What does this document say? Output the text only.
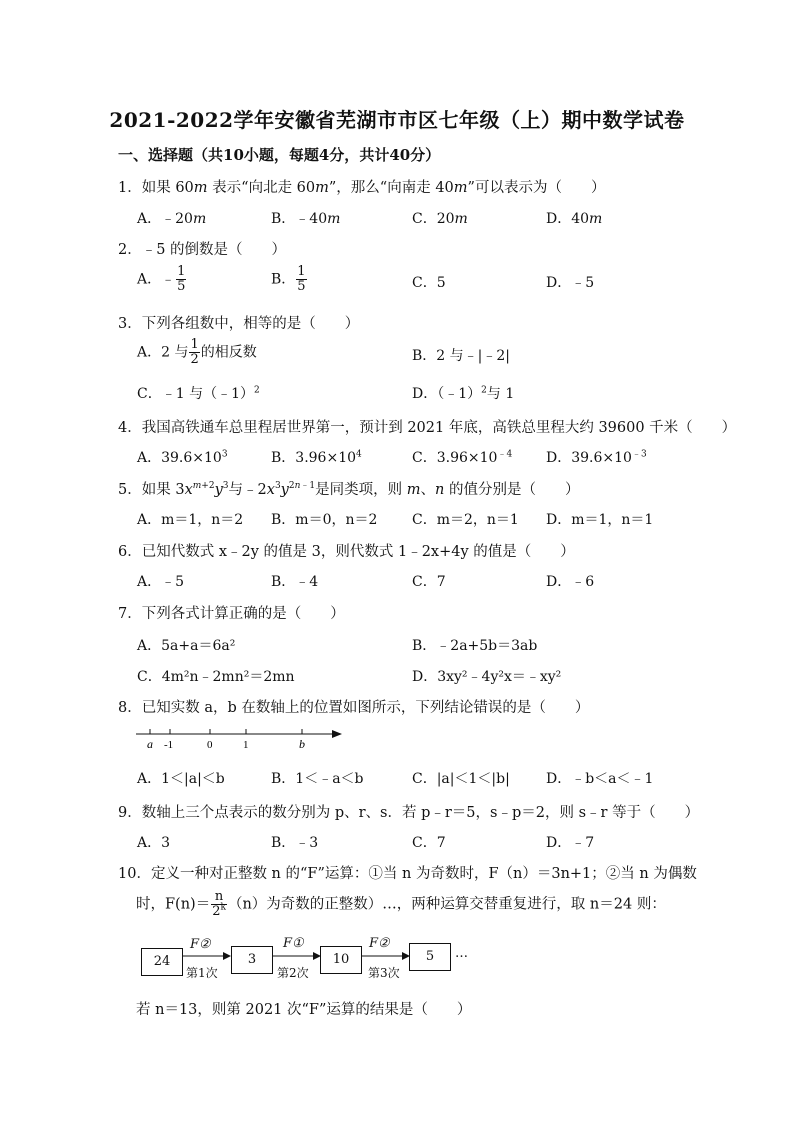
2021-2022学年安徽省芜湖市市区七年级（上）期中数学试卷
一、选择题（共10小题，每题4分，共计40分）
1．如果 60m 表示“向北走 60m”，那么“向南走 40m”可以表示为（　　）
A．﹣20m	B．﹣40m	C．20m	D．40m
2．﹣5 的倒数是（　　）
A．﹣ $\frac{1}{5}$	B． $\frac{1}{5}$	C．5	D．﹣5
3．下列各组数中，相等的是（　　）
A．2 与 $\frac{1}{2}$ 的相反数	B．2 与﹣|﹣2|
C．﹣1 与（﹣1）$^2$	D．（﹣1）$^2$与 1
4．我国高铁通车总里程居世界第一，预计到 2021 年底，高铁总里程大约 39600 千米（　　）
A．$39.6\times 10^3$	B．$3.96\times 10^4$	C．$3.96\times 10^{﹣4}$ D．$39.6\times 10^{﹣3}$
5．如果 $3x^{m+2}y^3$与$﹣2x^3y^{2n﹣1}$是同类项，则 m、n 的值分别是（　　）
A．m＝1，n＝2 B．m＝0，n＝2 C．m＝2，n＝1 D．m＝1，n＝1
6．已知代数式 x﹣2y 的值是 3，则代数式 1﹣2x+4y 的值是（　　）
A．﹣5	B．﹣4	C．7	D．﹣6
7．下列各式计算正确的是（　　）
A．5a+a＝6a²	B．﹣2a+5b＝3ab
C．4m²n﹣2mn²＝2mn	D．3xy²﹣4y²x＝﹣xy²
8．已知实数 a，b 在数轴上的位置如图所示，下列结论错误的是（　　）
a -1	0	1	b
A．1＜|a|＜b	B．1＜﹣a＜b	C．|a|＜1＜|b|	D．﹣b＜a＜﹣1
9．数轴上三个点表示的数分别为 p、r、s．若 p﹣r＝5，s﹣p＝2，则 s﹣r 等于（　　）
A．3	B．﹣3	C．7	D．﹣7
10．定义一种对正整数 n 的“F”运算：①当 n 为奇数时，F（n）＝3n+1；②当 n 为偶数
时，$F(n)= \frac{n}{2^k} (n)$为奇数的正整数）…，两种运算交替重复进行，取 n＝24 则：
24	3	10	5	…
F②	F①	F②
第1次	第2次	第3次
若 n＝13，则第 2021 次“F”运算的结果是（　　）
